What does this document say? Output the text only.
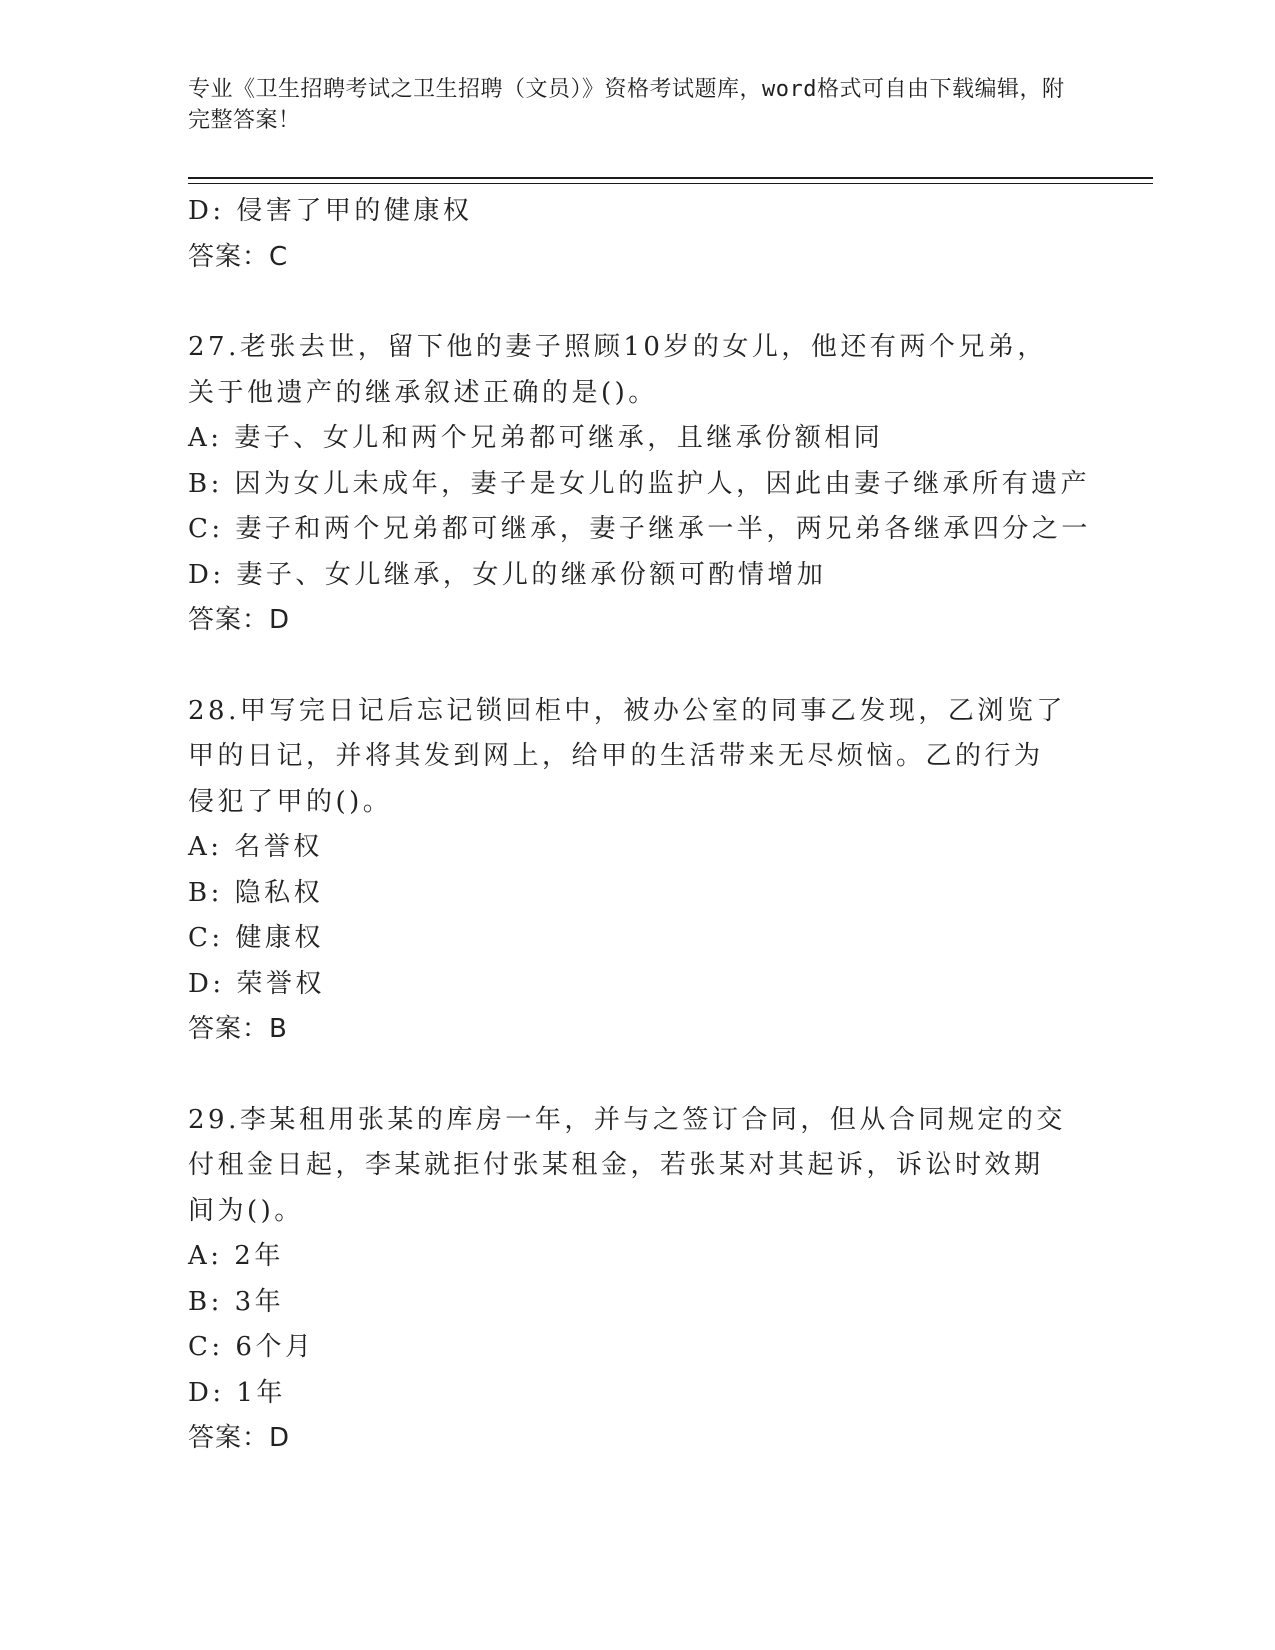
专业《卫生招聘考试之卫生招聘（文员）》资格考试题库，word格式可自由下载编辑，附完整答案！
D: 侵害了甲的健康权
答案：C
27.老张去世，留下他的妻子照顾10岁的女儿，他还有两个兄弟，关于他遗产的继承叙述正确的是()。
A: 妻子、女儿和两个兄弟都可继承，且继承份额相同
B: 因为女儿未成年，妻子是女儿的监护人，因此由妻子继承所有遗产
C: 妻子和两个兄弟都可继承，妻子继承一半，两兄弟各继承四分之一
D: 妻子、女儿继承，女儿的继承份额可酌情增加
答案：D
28.甲写完日记后忘记锁回柜中，被办公室的同事乙发现，乙浏览了甲的日记，并将其发到网上，给甲的生活带来无尽烦恼。乙的行为侵犯了甲的()。
A: 名誉权
B: 隐私权
C: 健康权
D: 荣誉权
答案：B
29.李某租用张某的库房一年，并与之签订合同，但从合同规定的交付租金日起，李某就拒付张某租金，若张某对其起诉，诉讼时效期间为()。
A: 2年
B: 3年
C: 6个月
D: 1年
答案：D
